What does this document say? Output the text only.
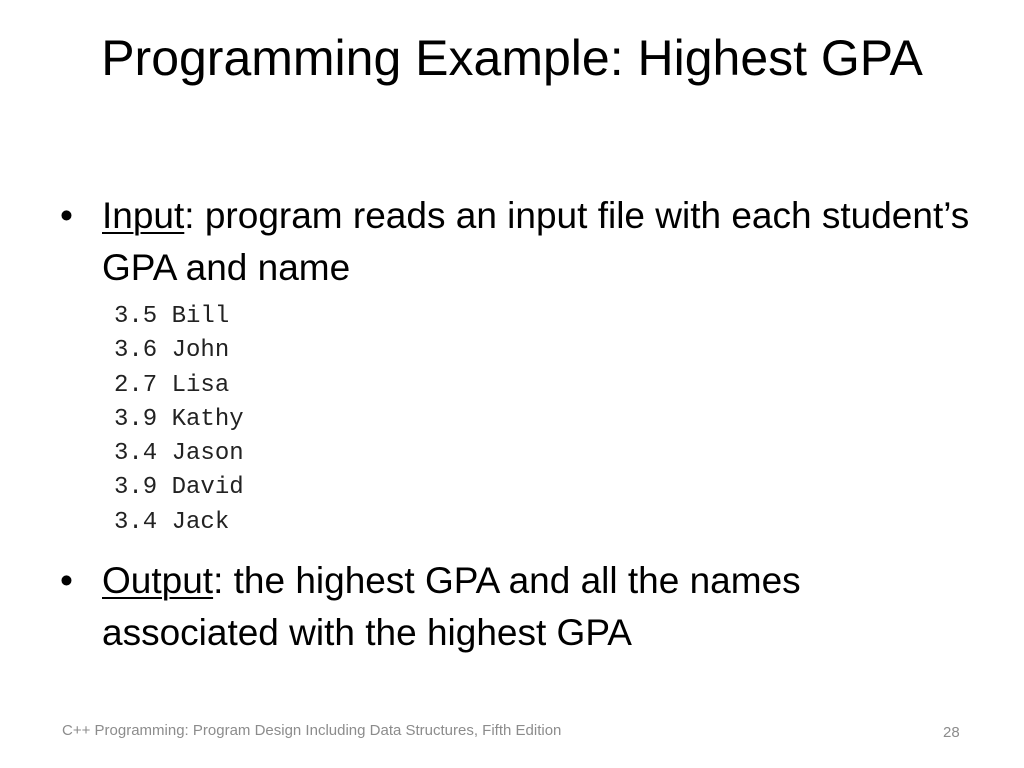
Programming Example: Highest GPA
• Input: program reads an input file with each student’s GPA and name
3.5 Bill
3.6 John
2.7 Lisa
3.9 Kathy
3.4 Jason
3.9 David
3.4 Jack
• Output: the highest GPA and all the names associated with the highest GPA
C++ Programming: Program Design Including Data Structures, Fifth Edition	28
